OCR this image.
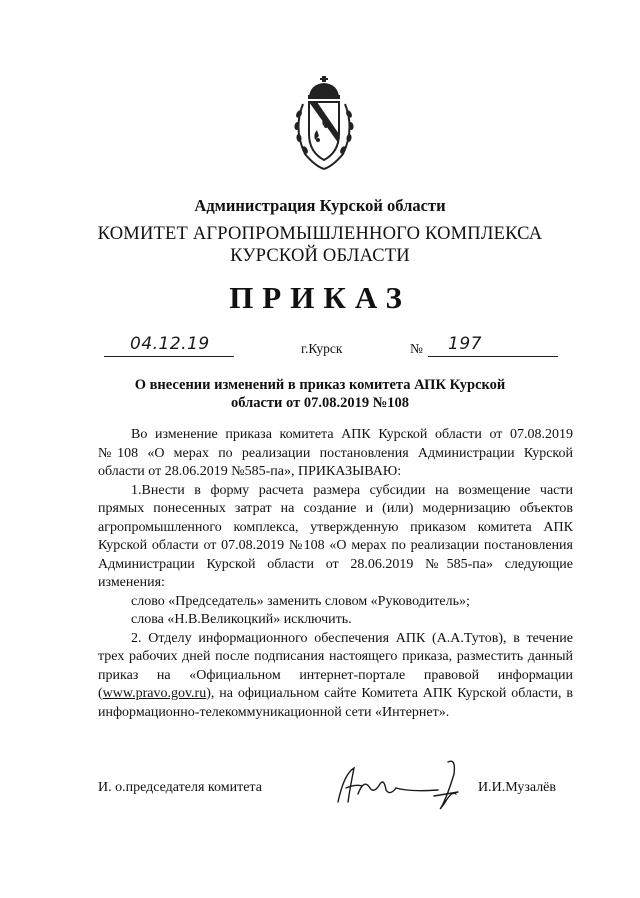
Администрация Курской области
КОМИТЕТ АГРОПРОМЫШЛЕННОГО КОМПЛЕКСА
КУРСКОЙ ОБЛАСТИ
ПРИКАЗ
04.12.19	г.Курск	№ 197
О внесении изменений в приказ комитета АПК Курской
области от 07.08.2019 №108

Во изменение приказа комитета АПК Курской области от 07.08.2019 №108 «О мерах по реализации постановления Администрации Курской области от 28.06.2019 №585-па», ПРИКАЗЫВАЮ:

1.Внести в форму расчета размера субсидии на возмещение части прямых понесенных затрат на создание и (или) модернизацию объектов агропромышленного комплекса, утвержденную приказом комитета АПК Курской области от 07.08.2019 №108 «О мерах по реализации постановления Администрации Курской области от 28.06.2019 №585-па» следующие изменения:

слово «Председатель» заменить словом «Руководитель»;

слова «Н.В.Великоцкий» исключить.

2. Отделу информационного обеспечения АПК (А.А.Тутов), в течение трех рабочих дней после подписания настоящего приказа, разместить данный приказ на «Официальном интернет-портале правовой информации (www.pravo.gov.ru), на официальном сайте Комитета АПК Курской области, в информационно-телекоммуникационной сети «Интернет».

И. о.председателя комитета	И.И.Музалёв
